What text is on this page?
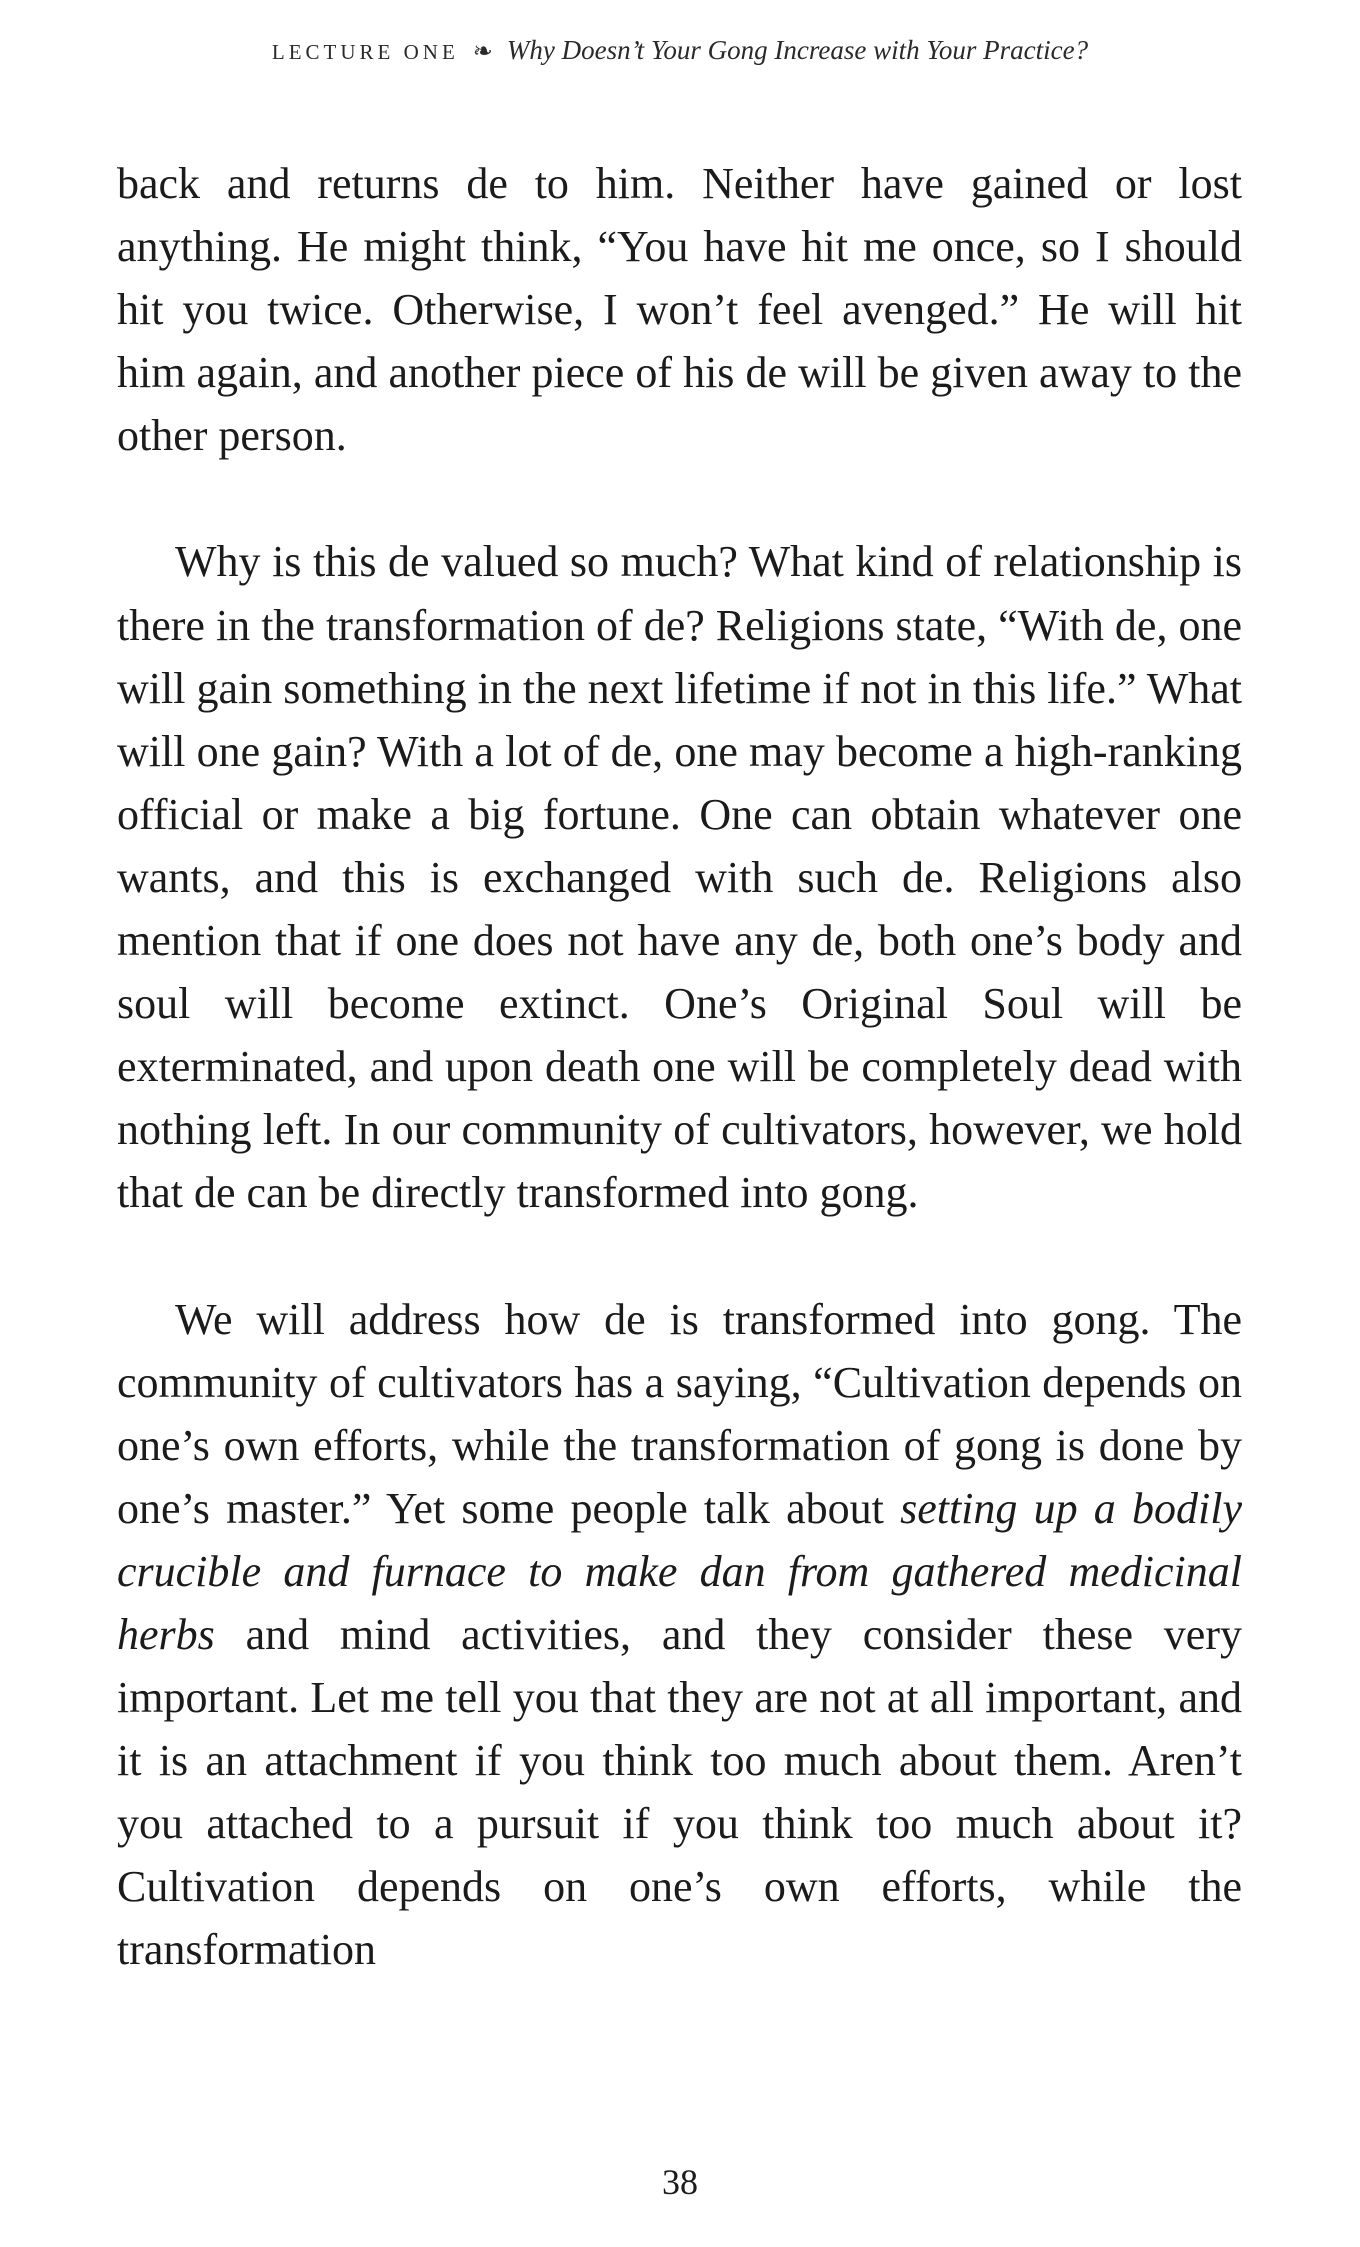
LECTURE ONE ❧ Why Doesn’t Your Gong Increase with Your Practice?

back and returns de to him. Neither have gained or lost anything. He might think, “You have hit me once, so I should hit you twice. Otherwise, I won’t feel avenged.” He will hit him again, and another piece of his de will be given away to the other person.

Why is this de valued so much? What kind of relationship is there in the transformation of de? Religions state, “With de, one will gain something in the next lifetime if not in this life.” What will one gain? With a lot of de, one may become a high-ranking official or make a big fortune. One can obtain whatever one wants, and this is exchanged with such de. Religions also mention that if one does not have any de, both one’s body and soul will become extinct. One’s Original Soul will be exterminated, and upon death one will be completely dead with nothing left. In our community of cultivators, however, we hold that de can be directly transformed into gong.

We will address how de is transformed into gong. The community of cultivators has a saying, “Cultivation depends on one’s own efforts, while the transformation of gong is done by one’s master.” Yet some people talk about setting up a bodily crucible and furnace to make dan from gathered medicinal herbs and mind activities, and they consider these very important. Let me tell you that they are not at all important, and it is an attachment if you think too much about them. Aren’t you attached to a pursuit if you think too much about it? Cultivation depends on one’s own efforts, while the transformation

38
